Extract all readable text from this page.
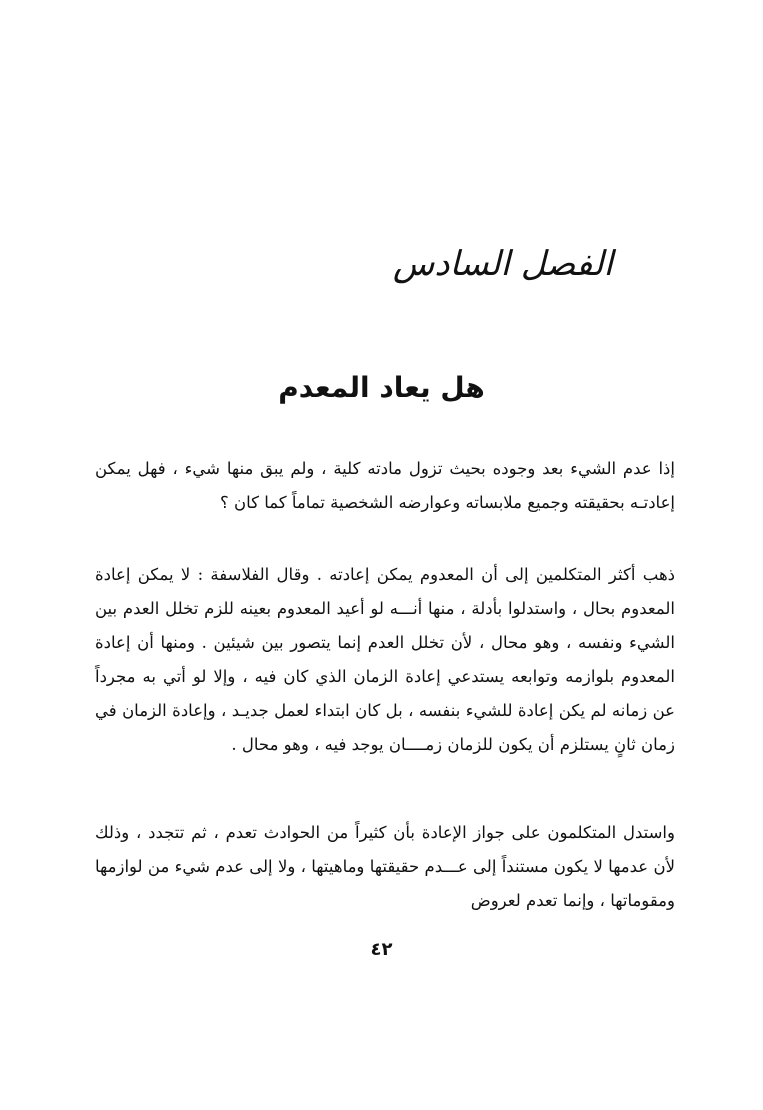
الفصل السادس
هل يعاد المعدم

إذا عدم الشيء بعد وجوده بحيث تزول مادته كلية ، ولم يبق منها شيء ، فهل يمكن إعادتـه بحقيقته وجميع ملابساته وعوارضه الشخصية تماماً كما كان ؟

ذهب أكثر المتكلمين إلى أن المعدوم يمكن إعادته . وقال الفلاسفة : لا يمكن إعادة المعدوم بحال ، واستدلوا بأدلة ، منها أنـــه لو أعيد المعدوم بعينه للزم تخلل العدم بين الشيء ونفسه ، وهو محال ، لأن تخلل العدم إنما يتصور بين شيئين . ومنها أن إعادة المعدوم بلوازمه وتوابعه يستدعي إعادة الزمان الذي كان فيه ، وإلا لو أتي به مجرداً عن زمانه لم يكن إعادة للشيء بنفسه ، بل كان ابتداء لعمل جديـد ، وإعادة الزمان في زمان ثانٍ يستلزم أن يكون للزمان زمــــان يوجد فيه ، وهو محال .

واستدل المتكلمون على جواز الإعادة بأن كثيراً من الحوادث تعدم ، ثم تتجدد ، وذلك لأن عدمها لا يكون مستنداً إلى عـــدم حقيقتها وماهيتها ، ولا إلى عدم شيء من لوازمها ومقوماتها ، وإنما تعدم لعروض

٤٢
